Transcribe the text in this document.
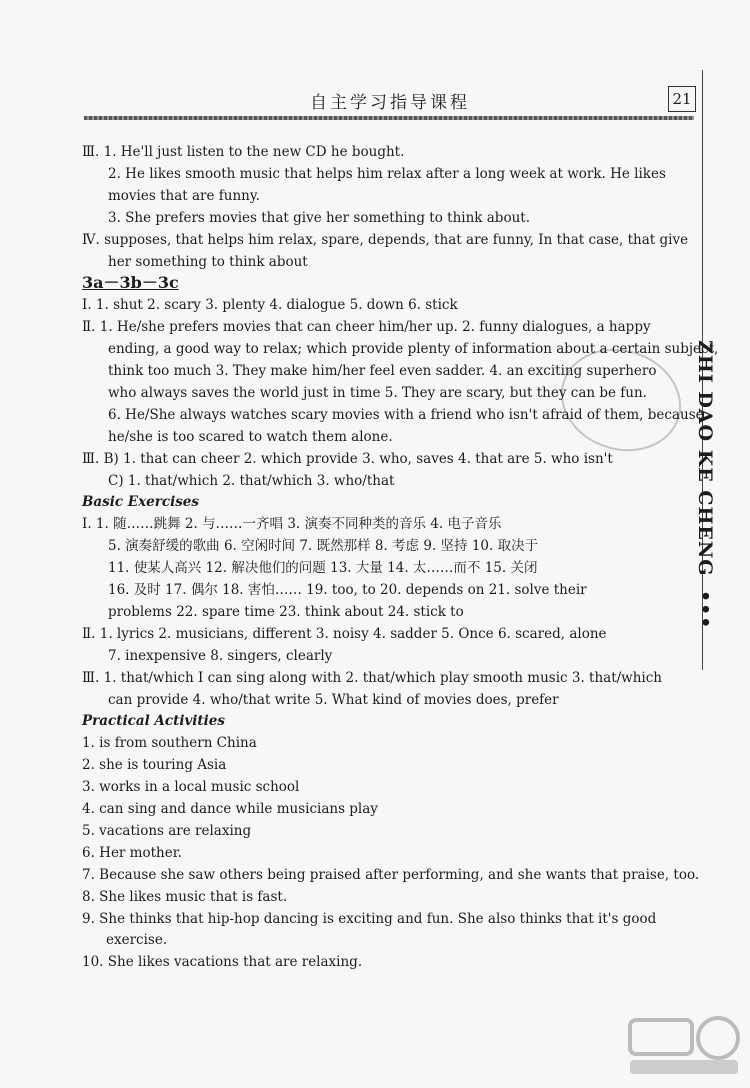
自主学习指导课程	21
ZHI DAO KE CHENG •••
Ⅲ. 1. He'll just listen to the new CD he bought.
2. He likes smooth music that helps him relax after a long week at work. He likes
movies that are funny.
3. She prefers movies that give her something to think about.
Ⅳ. supposes, that helps him relax, spare, depends, that are funny, In that case, that give
her something to think about
3a－3b－3c
Ⅰ. 1. shut 2. scary 3. plenty 4. dialogue 5. down 6. stick
Ⅱ. 1. He/she prefers movies that can cheer him/her up. 2. funny dialogues, a happy
ending, a good way to relax; which provide plenty of information about a certain subject,
think too much 3. They make him/her feel even sadder. 4. an exciting superhero
who always saves the world just in time 5. They are scary, but they can be fun.
6. He/She always watches scary movies with a friend who isn't afraid of them, because
he/she is too scared to watch them alone.
Ⅲ. B) 1. that can cheer 2. which provide 3. who, saves 4. that are 5. who isn't
C) 1. that/which 2. that/which 3. who/that
Basic Exercises
Ⅰ. 1. 随……跳舞 2. 与……一齐唱 3. 演奏不同种类的音乐 4. 电子音乐
5. 演奏舒缓的歌曲 6. 空闲时间 7. 既然那样 8. 考虑 9. 坚持 10. 取决于
11. 使某人高兴 12. 解决他们的问题 13. 大量 14. 太……而不 15. 关闭
16. 及时 17. 偶尔 18. 害怕…… 19. too, to 20. depends on 21. solve their
problems 22. spare time 23. think about 24. stick to
Ⅱ. 1. lyrics 2. musicians, different 3. noisy 4. sadder 5. Once 6. scared, alone
7. inexpensive 8. singers, clearly
Ⅲ. 1. that/which I can sing along with 2. that/which play smooth music 3. that/which
can provide 4. who/that write 5. What kind of movies does, prefer
Practical Activities
1. is from southern China
2. she is touring Asia
3. works in a local music school
4. can sing and dance while musicians play
5. vacations are relaxing
6. Her mother.
7. Because she saw others being praised after performing, and she wants that praise, too.
8. She likes music that is fast.
9. She thinks that hip-hop dancing is exciting and fun. She also thinks that it's good
exercise.
10. She likes vacations that are relaxing.
